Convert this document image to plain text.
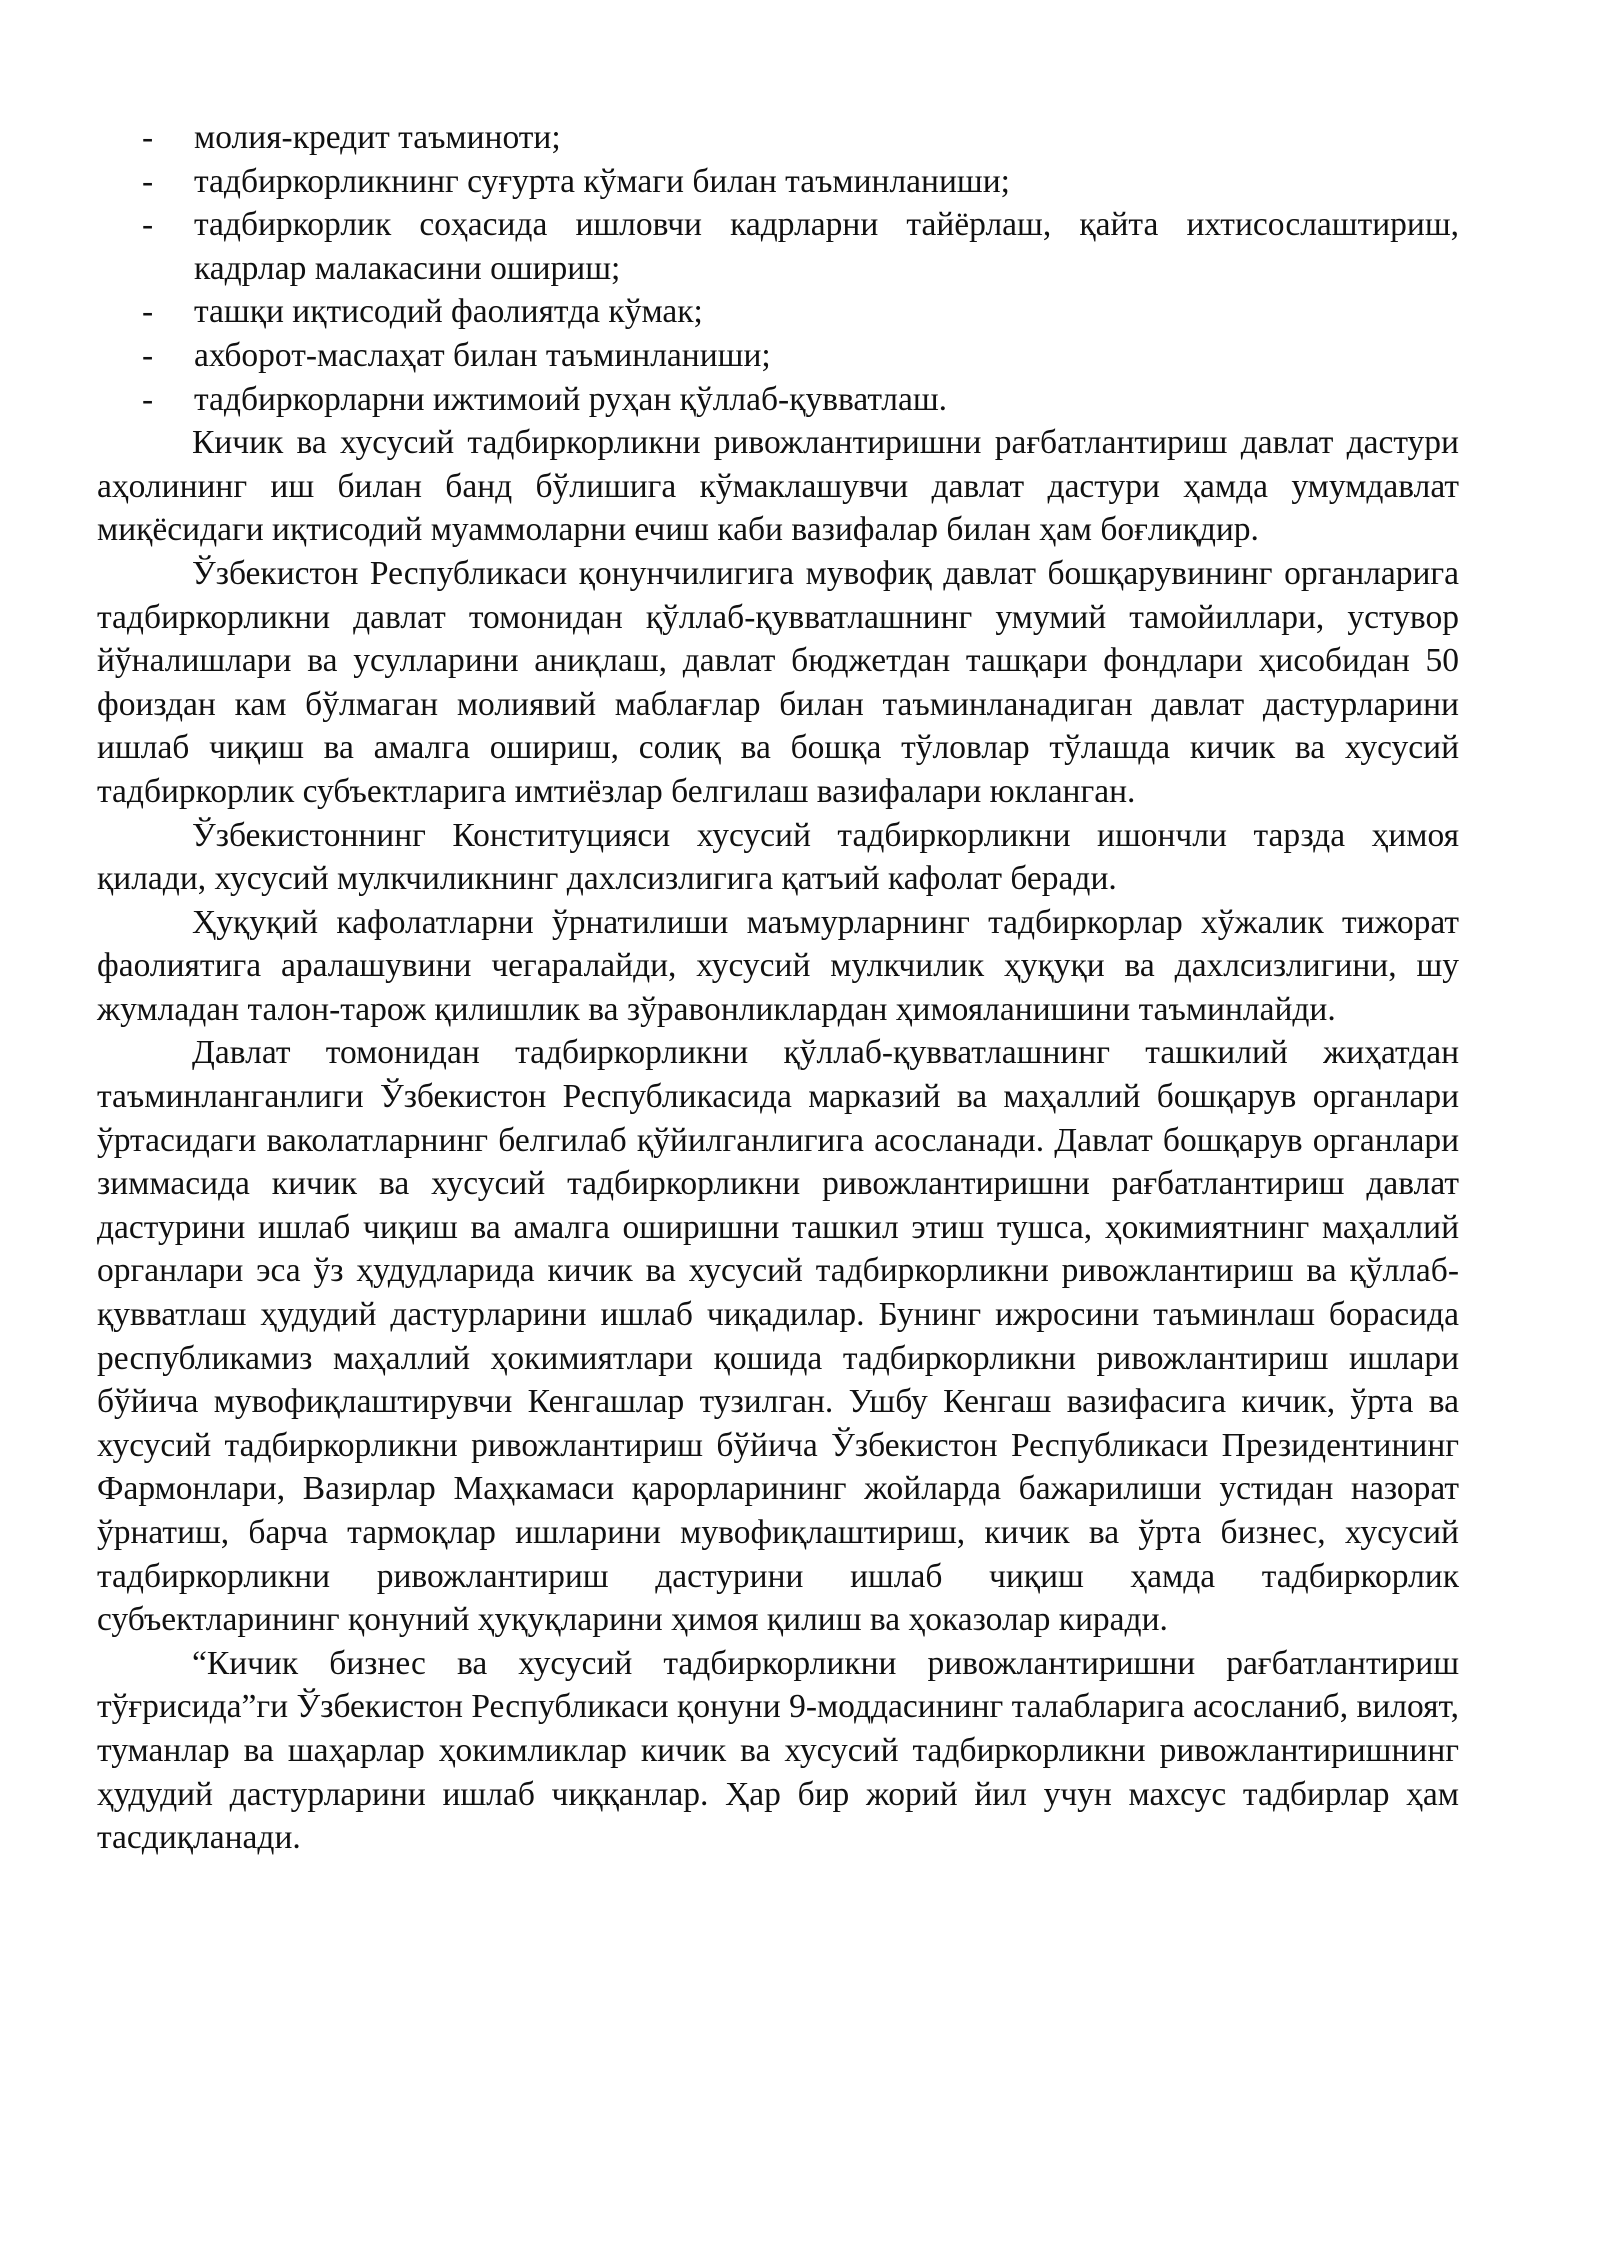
- молия-кредит таъминоти;
- тадбиркорликнинг суғурта кўмаги билан таъминланиши;
- тадбиркорлик соҳасида ишловчи кадрларни тайёрлаш, қайта ихтисослаштириш, кадрлар малакасини ошириш;
- ташқи иқтисодий фаолиятда кўмак;
- ахборот-маслаҳат билан таъминланиши;
- тадбиркорларни ижтимоий руҳан қўллаб-қувватлаш.

Кичик ва хусусий тадбиркорликни ривожлантиришни рағбатлантириш давлат дастури аҳолининг иш билан банд бўлишига кўмаклашувчи давлат дастури ҳамда умумдавлат миқёсидаги иқтисодий муаммоларни ечиш каби вазифалар билан ҳам боғлиқдир.

Ўзбекистон Республикаси қонунчилигига мувофиқ давлат бошқарувининг органларига тадбиркорликни давлат томонидан қўллаб-қувватлашнинг умумий тамойиллари, устувор йўналишлари ва усулларини аниқлаш, давлат бюджетдан ташқари фондлари ҳисобидан 50 фоиздан кам бўлмаган молиявий маблағлар билан таъминланадиган давлат дастурларини ишлаб чиқиш ва амалга ошириш, солиқ ва бошқа тўловлар тўлашда кичик ва хусусий тадбиркорлик субъектларига имтиёзлар белгилаш вазифалари юкланган.

Ўзбекистоннинг Конституцияси хусусий тадбиркорликни ишончли тарзда ҳимоя қилади, хусусий мулкчиликнинг дахлсизлигига қатъий кафолат беради.

Ҳуқуқий кафолатларни ўрнатилиши маъмурларнинг тадбиркорлар хўжалик тижорат фаолиятига аралашувини чегаралайди, хусусий мулкчилик ҳуқуқи ва дахлсизлигини, шу жумладан талон-тарож қилишлик ва зўравонликлардан ҳимояланишини таъминлайди.

Давлат томонидан тадбиркорликни қўллаб-қувватлашнинг ташкилий жиҳатдан таъминланганлиги Ўзбекистон Республикасида марказий ва маҳаллий бошқарув органлари ўртасидаги ваколатларнинг белгилаб қўйилганлигига асосланади. Давлат бошқарув органлари зиммасида кичик ва хусусий тадбиркорликни ривожлантиришни рағбатлантириш давлат дастурини ишлаб чиқиш ва амалга оширишни ташкил этиш тушса, ҳокимиятнинг маҳаллий органлари эса ўз ҳудудларида кичик ва хусусий тадбиркорликни ривожлантириш ва қўллаб-қувватлаш ҳудудий дастурларини ишлаб чиқадилар. Бунинг ижросини таъминлаш борасида республикамиз маҳаллий ҳокимиятлари қошида тадбиркорликни ривожлантириш ишлари бўйича мувофиқлаштирувчи Кенгашлар тузилган. Ушбу Кенгаш вазифасига кичик, ўрта ва хусусий тадбиркорликни ривожлантириш бўйича Ўзбекистон Республикаси Президентининг Фармонлари, Вазирлар Маҳкамаси қарорларининг жойларда бажарилиши устидан назорат ўрнатиш, барча тармоқлар ишларини мувофиқлаштириш, кичик ва ўрта бизнес, хусусий тадбиркорликни ривожлантириш дастурини ишлаб чиқиш ҳамда тадбиркорлик субъектларининг қонуний ҳуқуқларини ҳимоя қилиш ва ҳоказолар киради.

“Кичик бизнес ва хусусий тадбиркорликни ривожлантиришни рағбатлантириш тўғрисида”ги Ўзбекистон Республикаси қонуни 9-моддасининг талабларига асосланиб, вилоят, туманлар ва шаҳарлар ҳокимликлар кичик ва хусусий тадбиркорликни ривожлантиришнинг ҳудудий дастурларини ишлаб чиққанлар. Ҳар бир жорий йил учун махсус тадбирлар ҳам тасдиқланади.
